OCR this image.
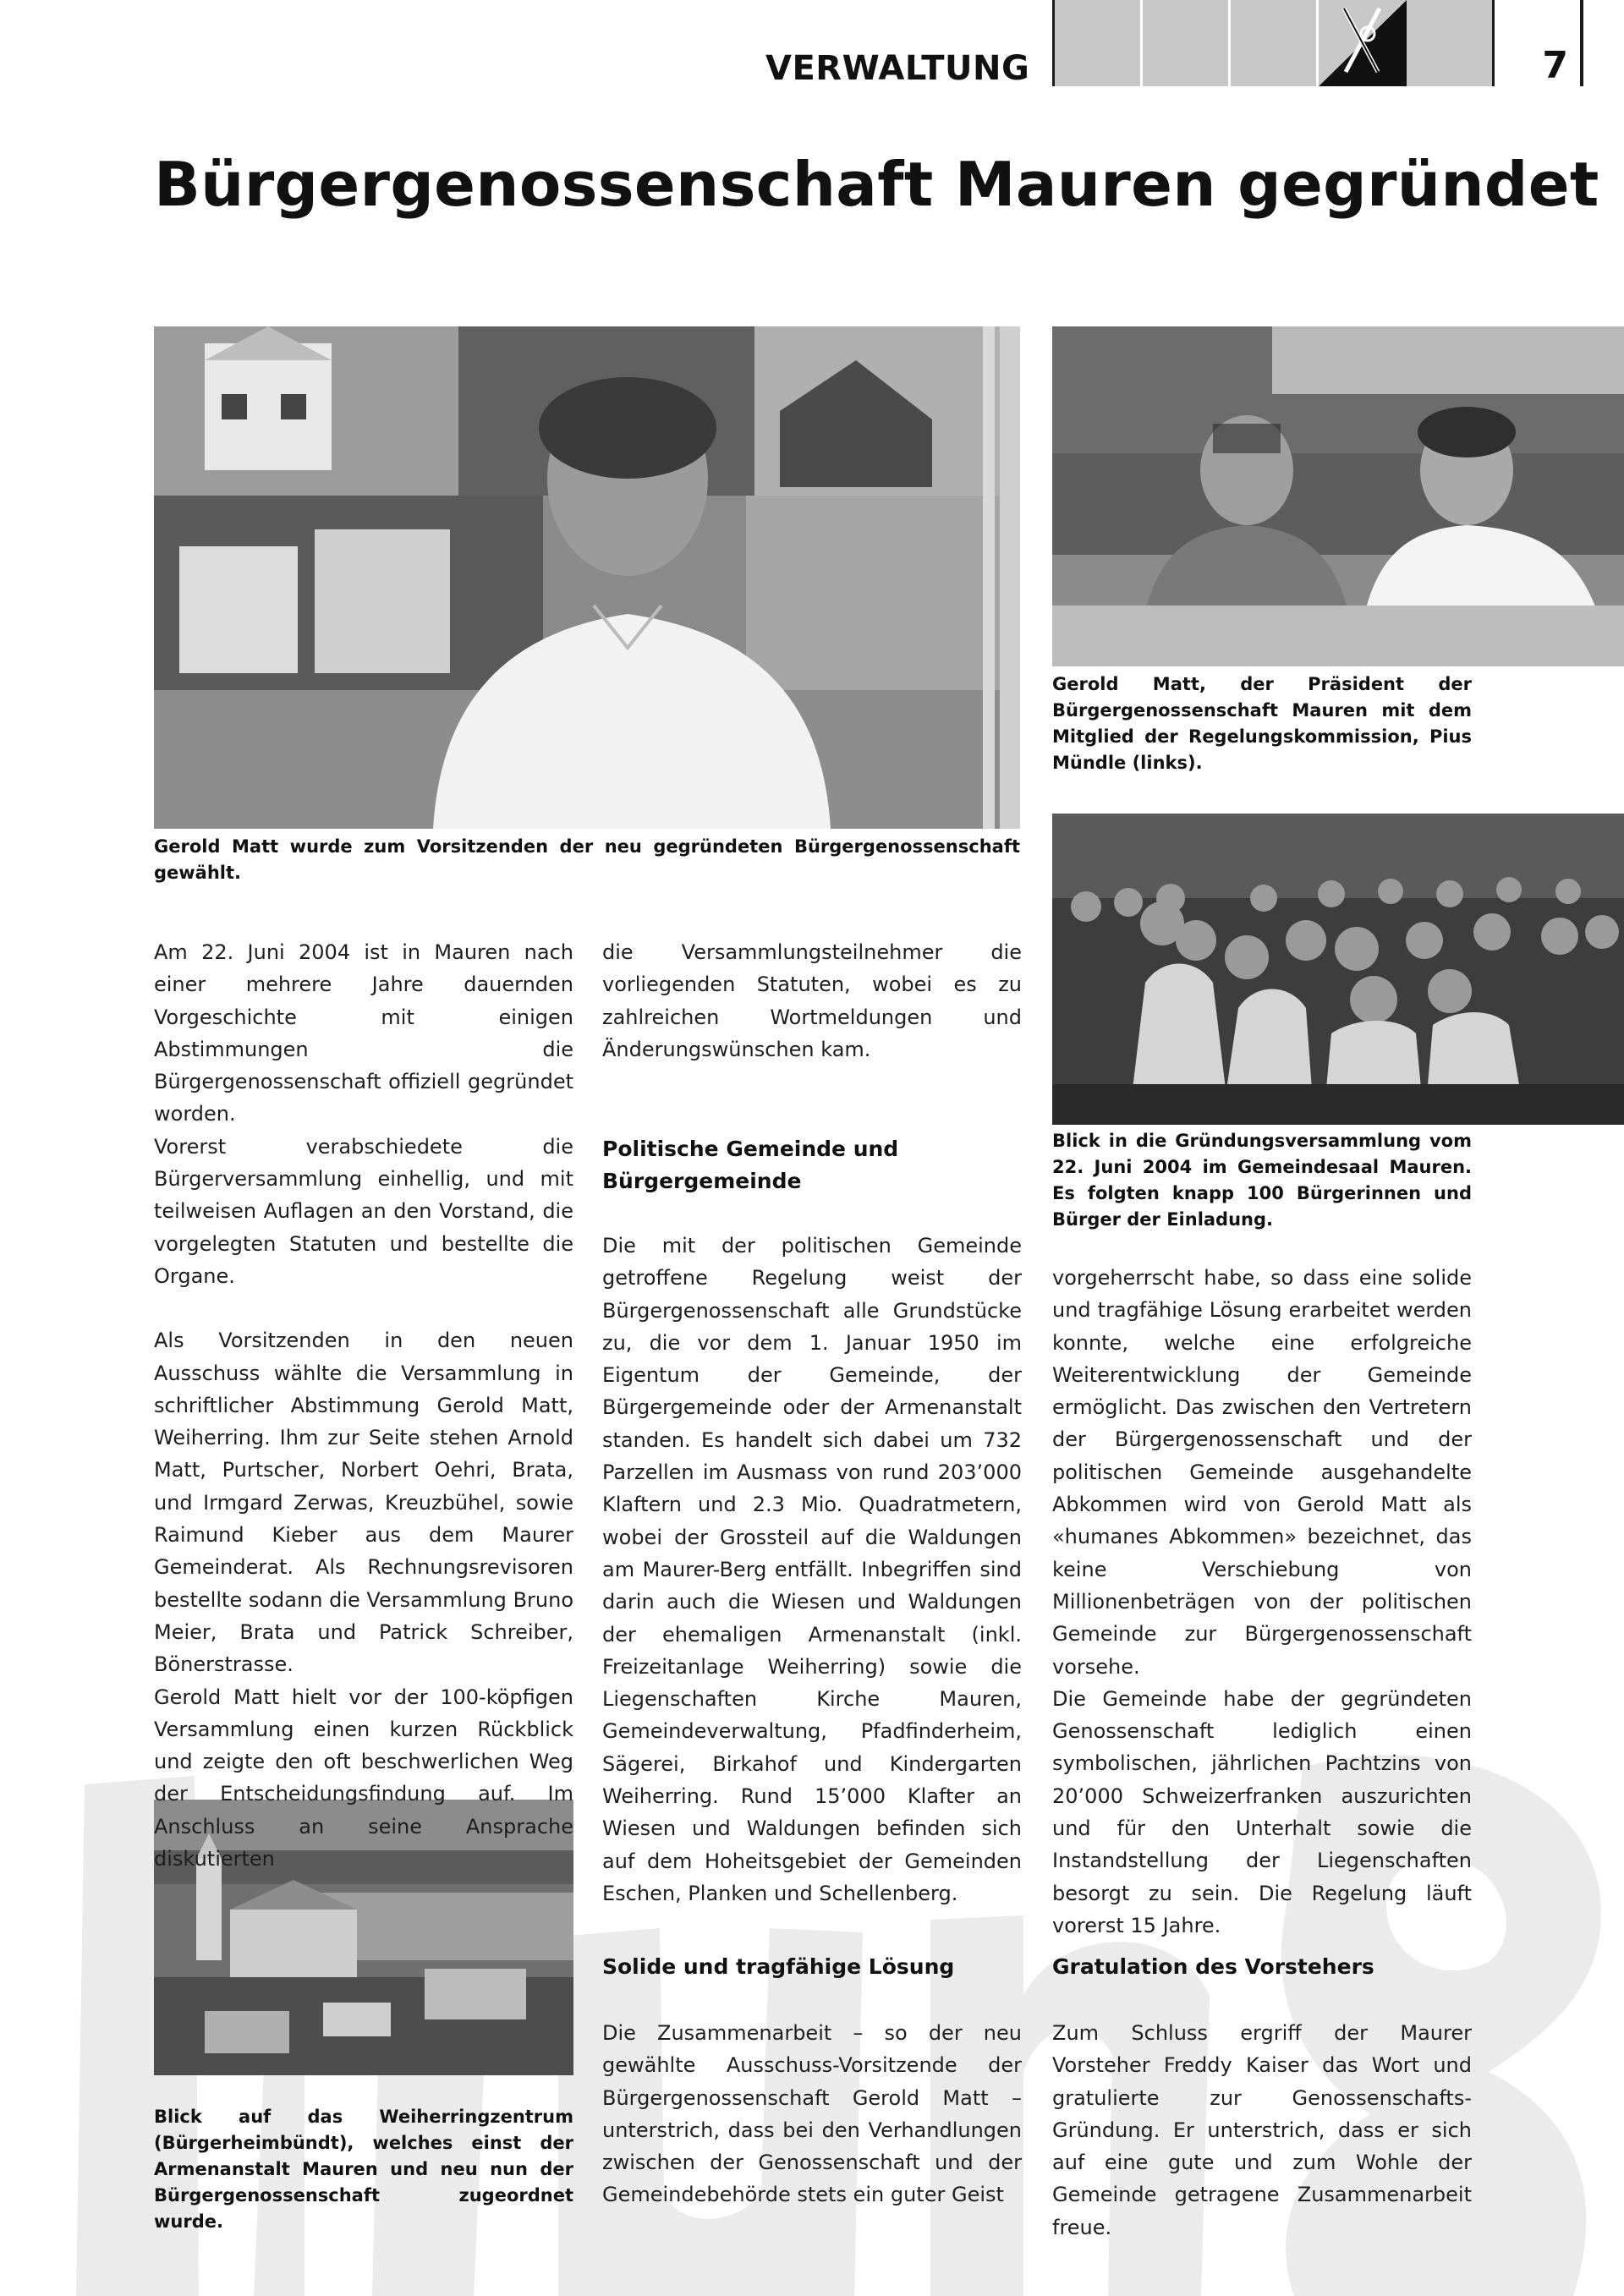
VERWALTUNG	7
Bürgergenossenschaft Mauren gegründet
Gerold Matt wurde zum Vorsitzenden der neu gegründeten Bürgergenossenschaft gewählt.
Gerold Matt, der Präsident der Bürgergenossenschaft Mauren mit dem Mitglied der Regelungskommission, Pius Mündle (links).
Blick in die Gründungsversammlung vom 22. Juni 2004 im Gemeindesaal Mauren. Es folgten knapp 100 Bürgerinnen und Bürger der Einladung.

Am 22. Juni 2004 ist in Mauren nach einer mehrere Jahre dauernden Vorgeschichte mit einigen Abstimmungen die Bürgergenossenschaft offiziell gegründet worden.

Vorerst verabschiedete die Bürgerversammlung einhellig, und mit teilweisen Auflagen an den Vorstand, die vorgelegten Statuten und bestellte die Organe.

Als Vorsitzenden in den neuen Ausschuss wählte die Versammlung in schriftlicher Abstimmung Gerold Matt, Weiherring. Ihm zur Seite stehen Arnold Matt, Purtscher, Norbert Oehri, Brata, und Irmgard Zerwas, Kreuzbühel, sowie Raimund Kieber aus dem Maurer Gemeinderat. Als Rechnungsrevisoren bestellte sodann die Versammlung Bruno Meier, Brata und Patrick Schreiber, Bönerstrasse.

Gerold Matt hielt vor der 100-köpfigen Versammlung einen kurzen Rückblick und zeigte den oft beschwerlichen Weg der Entscheidungsfindung auf. Im Anschluss an seine Ansprache diskutierten

Blick auf das Weiherringzentrum (Bürgerheimbündt), welches einst der Armenanstalt Mauren und neu nun der Bürgergenossenschaft zugeordnet wurde.

die Versammlungsteilnehmer die vorliegenden Statuten, wobei es zu zahlreichen Wortmeldungen und Änderungswünschen kam.

Politische Gemeinde und Bürgergemeinde

Die mit der politischen Gemeinde getroffene Regelung weist der Bürgergenossenschaft alle Grundstücke zu, die vor dem 1. Januar 1950 im Eigentum der Gemeinde, der Bürgergemeinde oder der Armenanstalt standen. Es handelt sich dabei um 732 Parzellen im Ausmass von rund 203’000 Klaftern und 2.3 Mio. Quadratmetern, wobei der Grossteil auf die Waldungen am Maurer-Berg entfällt. Inbegriffen sind darin auch die Wiesen und Waldungen der ehemaligen Armenanstalt (inkl. Freizeitanlage Weiherring) sowie die Liegenschaften Kirche Mauren, Gemeindeverwaltung, Pfadfinderheim, Sägerei, Birkahof und Kindergarten Weiherring. Rund 15’000 Klafter an Wiesen und Waldungen befinden sich auf dem Hoheitsgebiet der Gemeinden Eschen, Planken und Schellenberg.

Solide und tragfähige Lösung

Die Zusammenarbeit – so der neu gewählte Ausschuss-Vorsitzende der Bürgergenossenschaft Gerold Matt – unterstrich, dass bei den Verhandlungen zwischen der Genossenschaft und der Gemeindebehörde stets ein guter Geist

vorgeherrscht habe, so dass eine solide und tragfähige Lösung erarbeitet werden konnte, welche eine erfolgreiche Weiterentwicklung der Gemeinde ermöglicht. Das zwischen den Vertretern der Bürgergenossenschaft und der politischen Gemeinde ausgehandelte Abkommen wird von Gerold Matt als «humanes Abkommen» bezeichnet, das keine Verschiebung von Millionenbeträgen von der politischen Gemeinde zur Bürgergenossenschaft vorsehe.

Die Gemeinde habe der gegründeten Genossenschaft lediglich einen symbolischen, jährlichen Pachtzins von 20’000 Schweizerfranken auszurichten und für den Unterhalt sowie die Instandstellung der Liegenschaften besorgt zu sein. Die Regelung läuft vorerst 15 Jahre.

Gratulation des Vorstehers

Zum Schluss ergriff der Maurer Vorsteher Freddy Kaiser das Wort und gratulierte zur Genossenschafts-Gründung. Er unterstrich, dass er sich auf eine gute und zum Wohle der Gemeinde getragene Zusammenarbeit freue.
